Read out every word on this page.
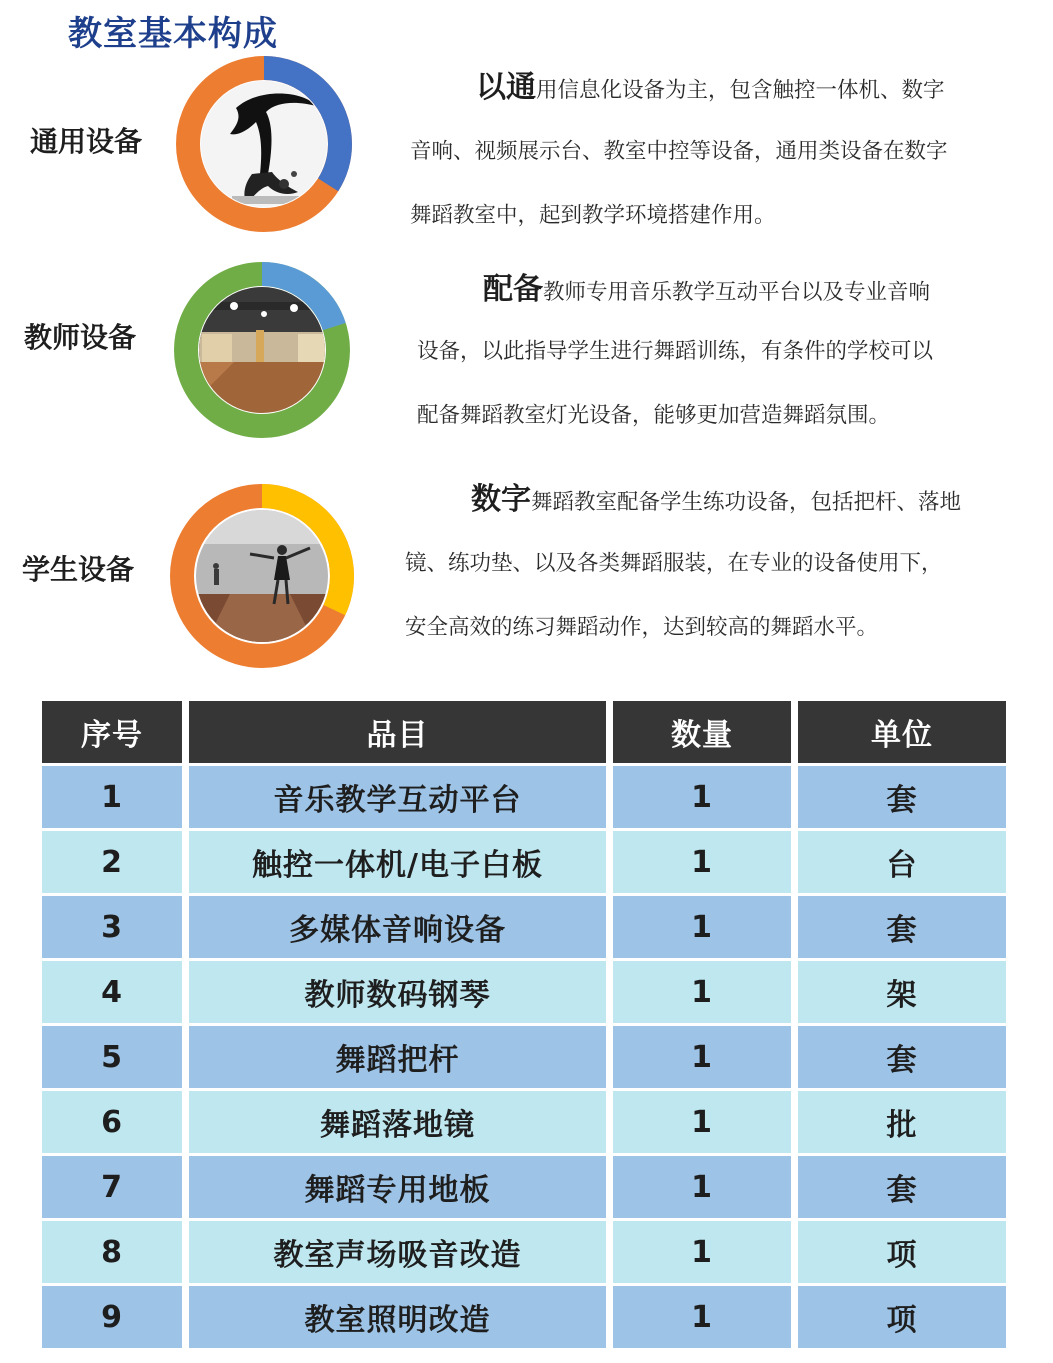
教室基本构成
通用设备
以通用信息化设备为主，包含触控一体机、数字
音响、视频展示台、教室中控等设备，通用类设备在数字
舞蹈教室中，起到教学环境搭建作用。
教师设备
配备教师专用音乐教学互动平台以及专业音响
设备，以此指导学生进行舞蹈训练，有条件的学校可以
配备舞蹈教室灯光设备，能够更加营造舞蹈氛围。
学生设备
数字舞蹈教室配备学生练功设备，包括把杆、落地
镜、练功垫、以及各类舞蹈服装，在专业的设备使用下，
安全高效的练习舞蹈动作，达到较高的舞蹈水平。
序号	品目	数量	单位
1	音乐教学互动平台	1	套
2	触控一体机/电子白板	1	台
3	多媒体音响设备	1	套
4	教师数码钢琴	1	架
5	舞蹈把杆	1	套
6	舞蹈落地镜	1	批
7	舞蹈专用地板	1	套
8	教室声场吸音改造	1	项
9	教室照明改造	1	项
